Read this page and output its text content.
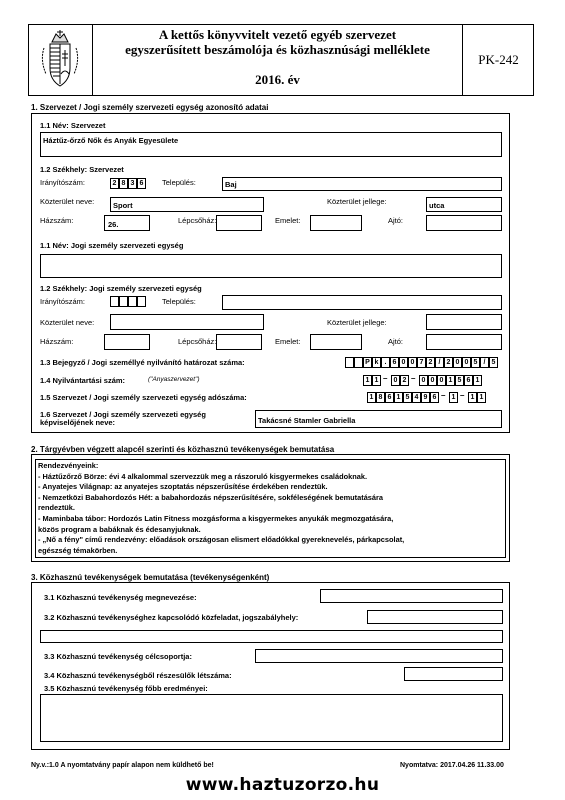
A kettős könyvvitelt vezető egyéb szervezet
egyszerűsített beszámolója és közhasznúsági melléklete
2016. év
PK-242
1. Szervezet / Jogi személy szervezeti egység azonosító adatai
1.1 Név: Szervezet
Háztűz-őrző Nők és Anyák Egyesülete
1.2 Székhely: Szervezet
Irányítószám:	2 8 3 6	Település:	Baj
Közterület neve:	Sport	Közterület jellege:	utca
Házszám:	26.	Lépcsőház:	Emelet:	Ajtó:
1.1 Név: Jogi személy szervezeti egység
1.2 Székhely: Jogi személy szervezeti egység
Irányítószám:	Település:
Közterület neve:	Közterület jellege:
Házszám:	Lépcsőház:	Emelet:	Ajtó:
1.3 Bejegyző / Jogi személlyé nyilvánító határozat száma:	P k . 6 0 0 7 2 / 2 0 0 5 / 5
1.4 Nyilvántartási szám:	("Anyaszervezet")	1 1 – 0 2 – 0 0 0 1 5 6 1
1.5 Szervezet / Jogi személy szervezeti egység adószáma:	1 8 6 1 5 4 9 6 – 1 – 1 1
1.6 Szervezet / Jogi személy szervezeti egység
képviselőjének neve:	Takácsné Stamler Gabriella
2. Tárgyévben végzett alapcél szerinti és közhasznú tevékenységek bemutatása
Rendezvényeink:
- Háztűzőrző Börze: évi 4 alkalommal szervezzük meg a rászoruló kisgyermekes családoknak.
- Anyatejes Világnap: az anyatejes szoptatás népszerűsítése érdekében rendeztük.
- Nemzetközi Babahordozós Hét: a babahordozás népszerűsítésére, sokféleségének bemutatására
rendeztük.
- Maminbaba tábor: Hordozós Latin Fitness mozgásforma a kisgyermekes anyukák megmozgatására,
közös program a babáknak és édesanyjuknak.
- „Nő a fény" című rendezvény: előadások országosan elismert előadókkal gyereknevelés, párkapcsolat,
egészség témakörben.
3. Közhasznú tevékenységek bemutatása (tevékenységenként)
3.1 Közhasznú tevékenység megnevezése:
3.2 Közhasznú tevékenységhez kapcsolódó közfeladat, jogszabályhely:
3.3 Közhasznú tevékenység célcsoportja:
3.4 Közhasznú tevékenységből részesülők létszáma:
3.5 Közhasznú tevékenység főbb eredményei:
Ny.v.:1.0 A nyomtatvány papír alapon nem küldhető be!	Nyomtatva: 2017.04.26 11.33.00
www.haztuzorzo.hu
